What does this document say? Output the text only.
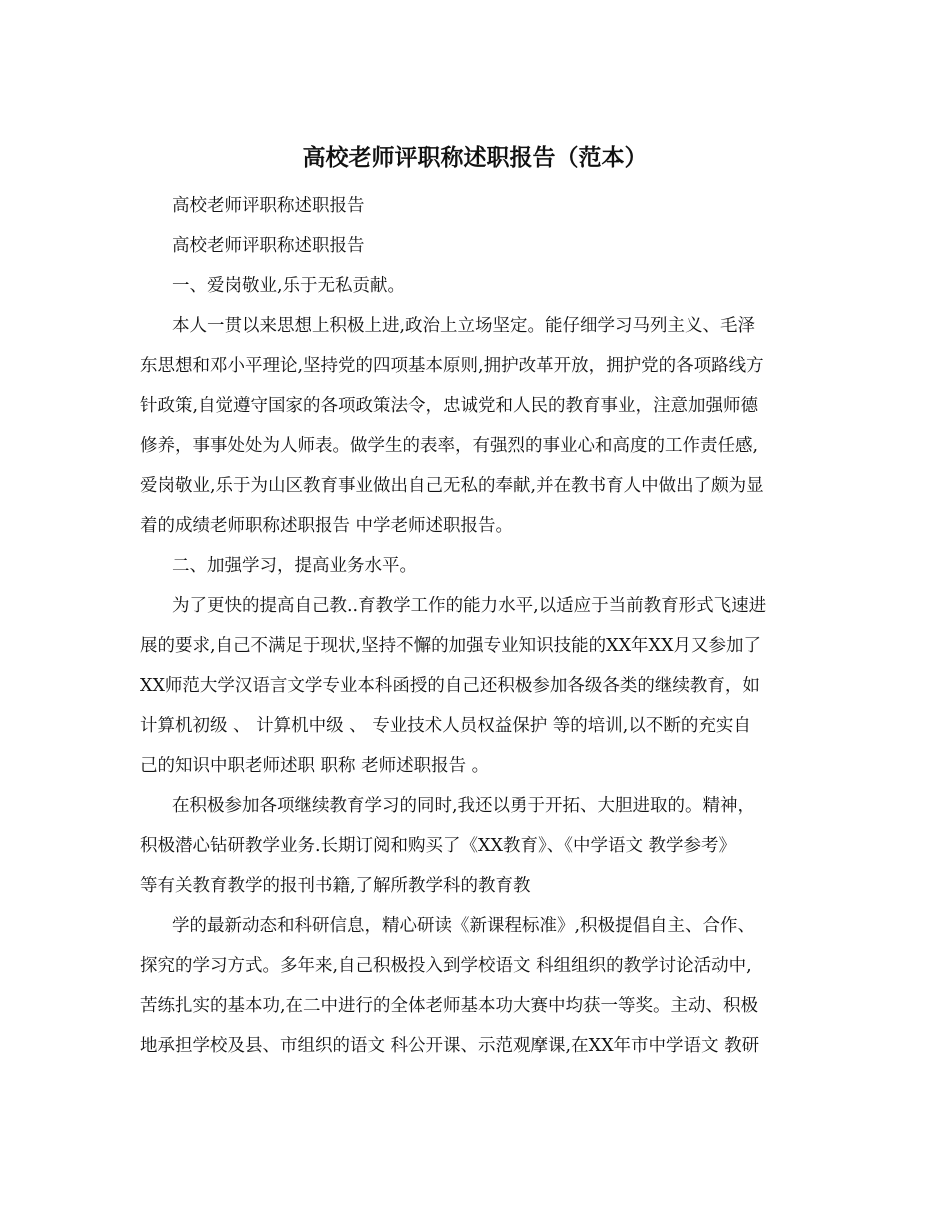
高校老师评职称述职报告（范本）

高校老师评职称述职报告

高校老师评职称述职报告

一、爱岗敬业,乐于无私贡献。

本人一贯以来思想上积极上进,政治上立场坚定。能仔细学习马列主义、毛泽
东思想和邓小平理论,坚持党的四项基本原则,拥护改革开放，拥护党的各项路线方
针政策,自觉遵守国家的各项政策法令，忠诚党和人民的教育事业，注意加强师德
修养，事事处处为人师表。做学生的表率，有强烈的事业心和高度的工作责任感,
爱岗敬业,乐于为山区教育事业做出自己无私的奉献,并在教书育人中做出了颇为显
着的成绩老师职称述职报告 中学老师述职报告。

二、加强学习，提高业务水平。

为了更快的提高自己教..育教学工作的能力水平,以适应于当前教育形式飞速进
展的要求,自己不满足于现状,坚持不懈的加强专业知识技能的XX年XX月又参加了
XX师范大学汉语言文学专业本科函授的自己还积极参加各级各类的继续教育，如
计算机初级 、 计算机中级 、 专业技术人员权益保护 等的培训,以不断的充实自
己的知识中职老师述职 职称 老师述职报告 。

在积极参加各项继续教育学习的同时,我还以勇于开拓、大胆进取的。精神，
积极潜心钻研教学业务.长期订阅和购买了《XX教育》、《中学语文 教学参考》
等有关教育教学的报刊书籍,了解所教学科的教育教

学的最新动态和科研信息，精心研读《新课程标准》,积极提倡自主、合作、
探究的学习方式。多年来,自己积极投入到学校语文 科组组织的教学讨论活动中,
苦练扎实的基本功,在二中进行的全体老师基本功大赛中均获一等奖。主动、积极
地承担学校及县、市组织的语文 科公开课、示范观摩课,在XX年市中学语文 教研
